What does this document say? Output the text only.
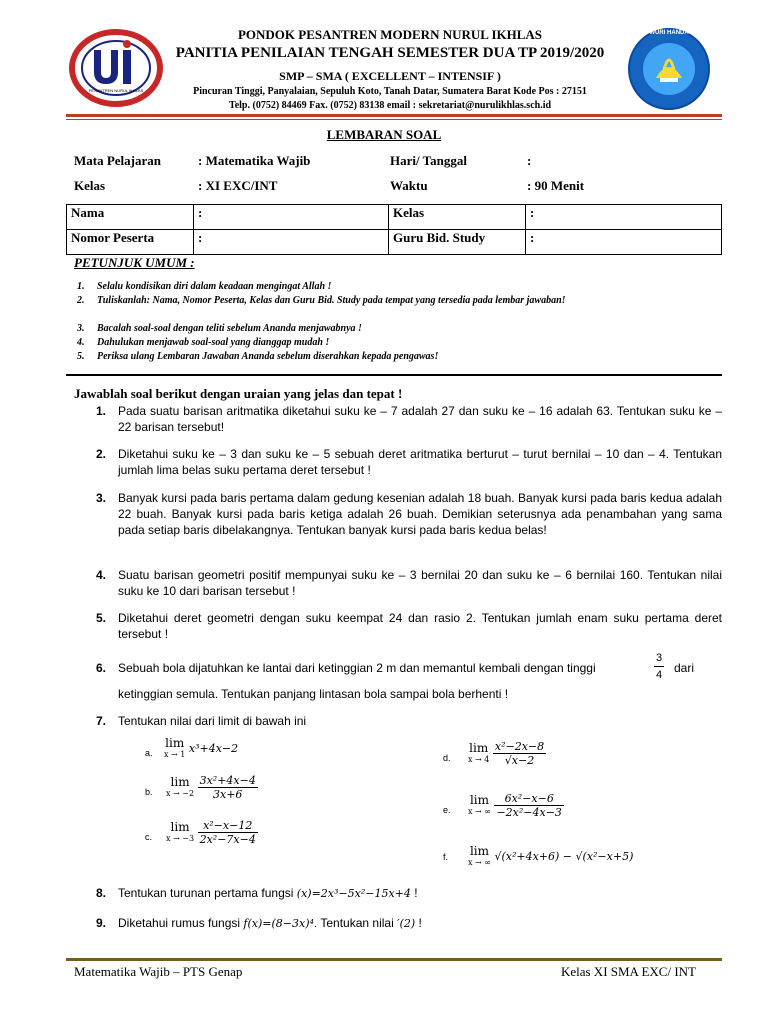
PESANTREN NURUL IKHLAS
TUT WURI HANDAYANI
PONDOK PESANTREN MODERN NURUL IKHLAS
PANITIA PENILAIAN TENGAH SEMESTER DUA TP 2019/2020
SMP – SMA ( EXCELLENT – INTENSIF )
Pincuran Tinggi, Panyalaian, Sepuluh Koto, Tanah Datar, Sumatera Barat Kode Pos : 27151
Telp. (0752) 84469 Fax. (0752) 83138 email : sekretariat@nurulikhlas.sch.id
LEMBARAN SOAL
Mata Pelajaran	: Matematika Wajib	Hari/ Tanggal	:
Kelas	: XI EXC/INT	Waktu	: 90 Menit
Nama	:	Kelas	:
Nomor Peserta	:	Guru Bid. Study	:
PETUNJUK UMUM :
1. Selalu kondisikan diri dalam keadaan mengingat Allah !
2. Tuliskanlah: Nama, Nomor Peserta, Kelas dan Guru Bid. Study pada tempat yang tersedia pada lembar jawaban!
3. Bacalah soal-soal dengan teliti sebelum Ananda menjawabnya !
4. Dahulukan menjawab soal-soal yang dianggap mudah !
5. Periksa ulang Lembaran Jawaban Ananda sebelum diserahkan kepada pengawas!
Jawablah soal berikut dengan uraian yang jelas dan tepat !
1. Pada suatu barisan aritmatika diketahui suku ke – 7 adalah 27 dan suku ke – 16 adalah 63. Tentukan suku ke – 22 barisan tersebut!
2. Diketahui suku ke – 3 dan suku ke – 5 sebuah deret aritmatika berturut – turut bernilai – 10 dan – 4. Tentukan jumlah lima belas suku pertama deret tersebut !
3. Banyak kursi pada baris pertama dalam gedung kesenian adalah 18 buah. Banyak kursi pada baris kedua adalah 22 buah. Banyak kursi pada baris ketiga adalah 26 buah. Demikian seterusnya ada penambahan yang sama pada setiap baris dibelakangnya. Tentukan banyak kursi pada baris kedua belas!
4. Suatu barisan geometri positif mempunyai suku ke – 3 bernilai 20 dan suku ke – 6 bernilai 160. Tentukan nilai suku ke 10 dari barisan tersebut !
5. Diketahui deret geometri dengan suku keempat 24 dan rasio 2. Tentukan jumlah enam suku pertama deret tersebut !
6. Sebuah bola dijatuhkan ke lantai dari ketinggian 2 m dan memantul kembali dengan tinggi	$\frac{3}{4}$ dari
ketinggian semula. Tentukan panjang lintasan bola sampai bola berhenti !
7. Tentukan nilai dari limit di bawah ini
a.
lim
x → 1 x³+4x−2
b.
lim
x → −2
$\frac{\text{3x²+4x−4}}{3x+6}$
c.
lim
x → −3
$\frac{\text{x²−x−12}}{\text{2x²−7x−4}}$
d.
lim
x → 4
$\frac{\text{x²−2x−8}}{√x-2}$
e.
lim
x → ∞
$\frac{\text{6x²−x−6}}{\text{−2x²−4x−3}}$
f. lim
x → ∞ √(x²+4x+6) − √(x²−x+5)
8. Tentukan turunan pertama fungsi (x)=2x³−5x²−15x+4 !
9. Diketahui rumus fungsi f(x)=(8−3x)⁴. Tentukan nilai ′(2) !
Matematika Wajib – PTS Genap	Kelas XI SMA EXC/ INT
